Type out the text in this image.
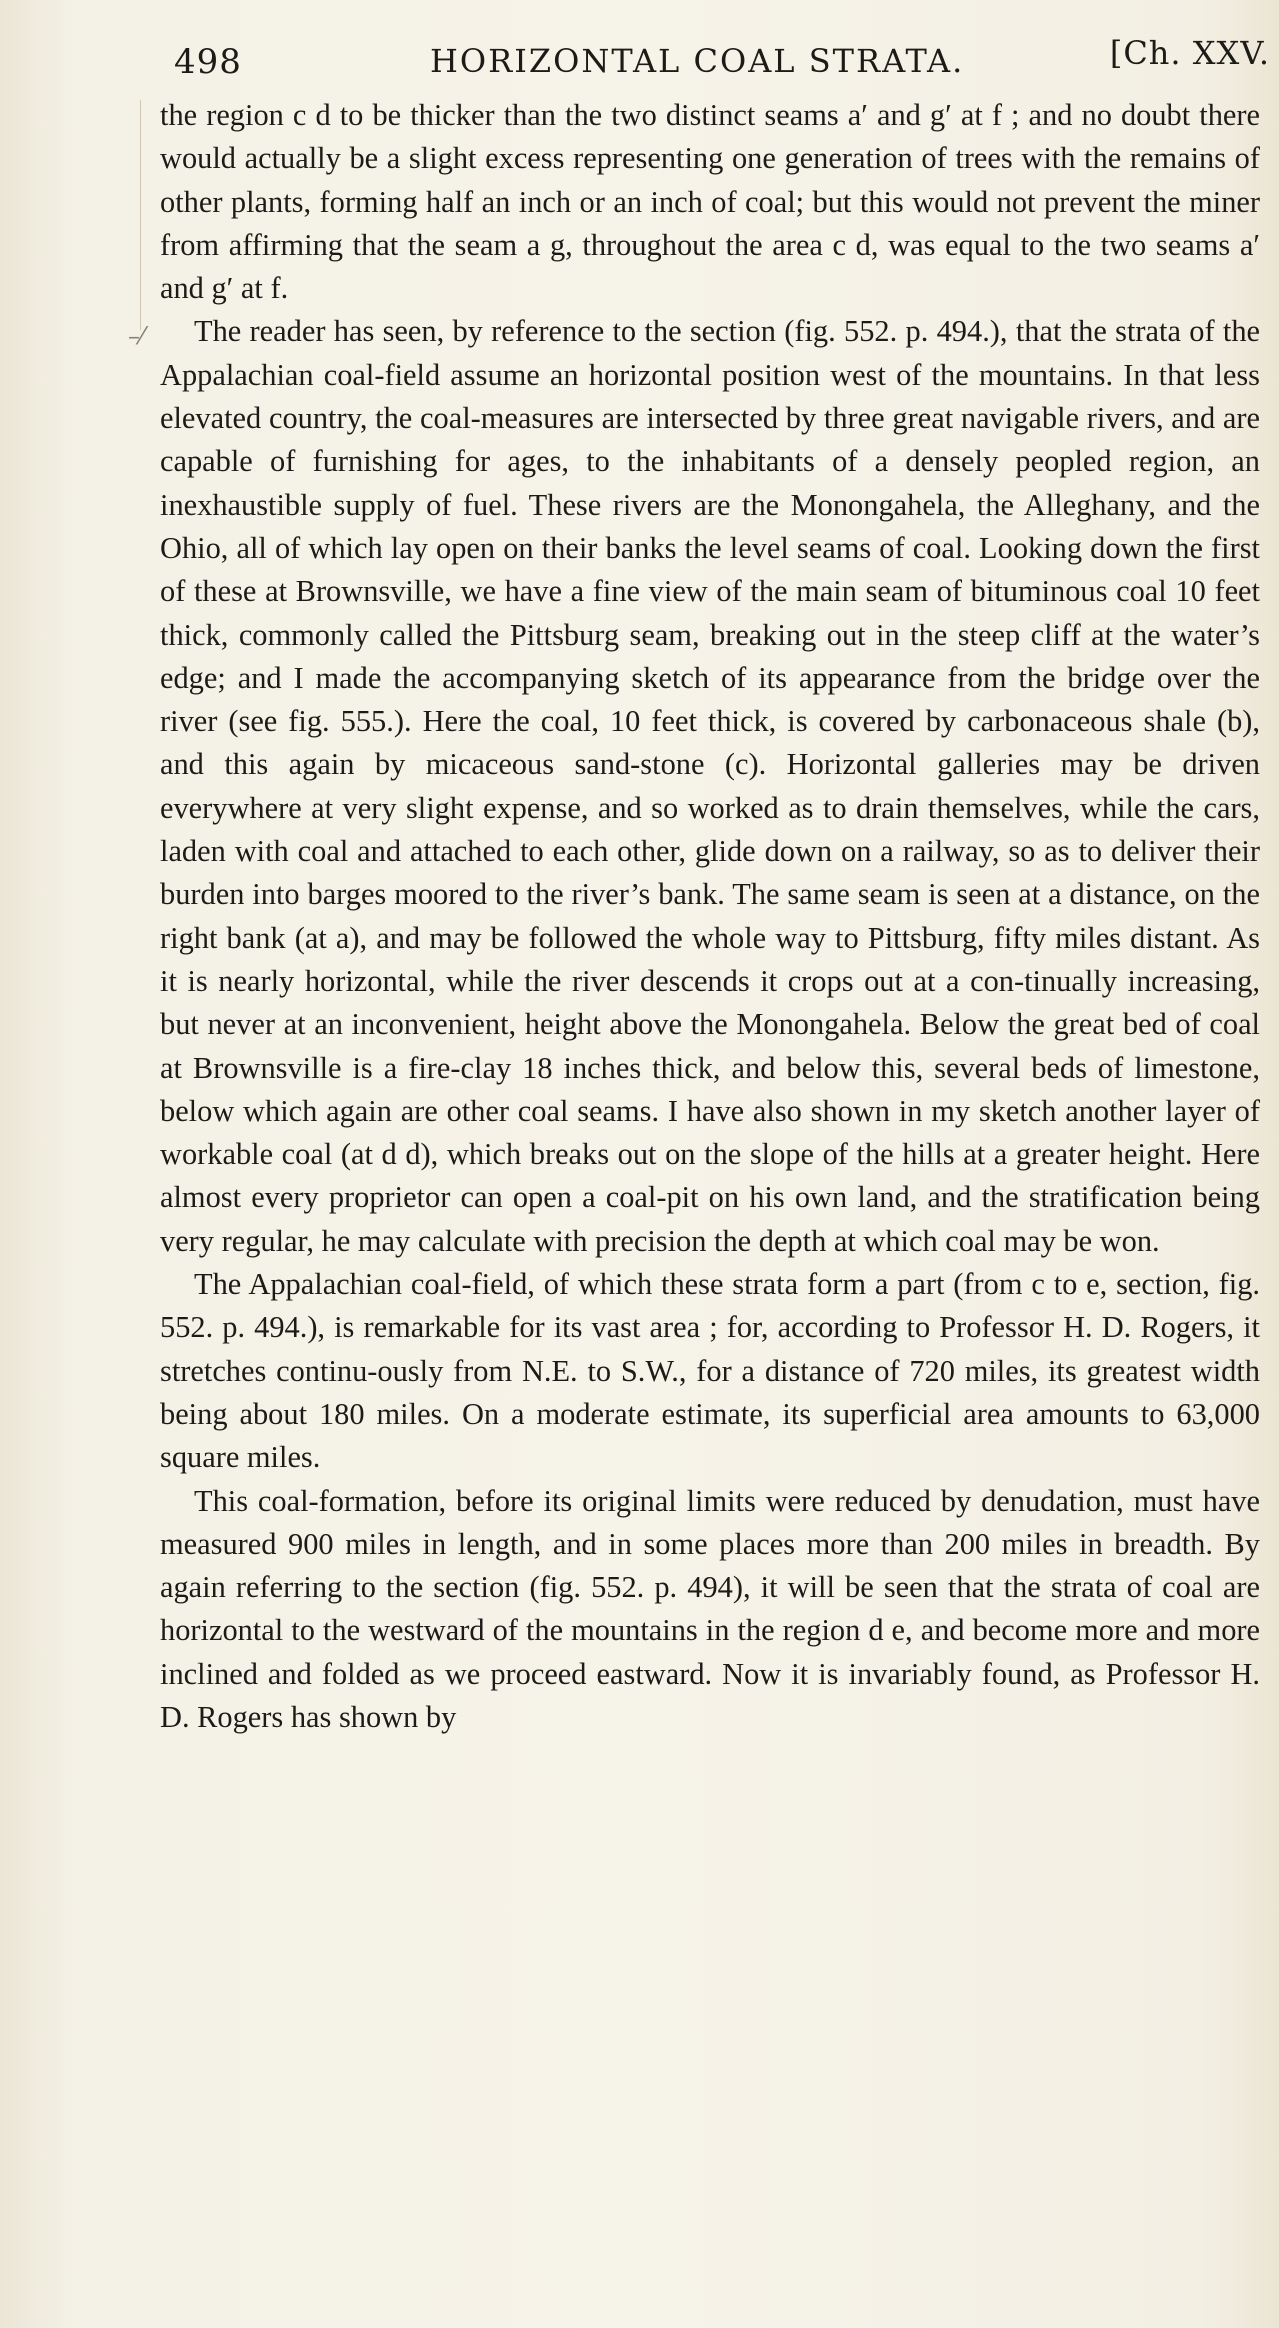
498	HORIZONTAL COAL STRATA.	[Ch. XXV.
–⁄

the region c d to be thicker than the two distinct seams a′ and g′ at f ; and no doubt there would actually be a slight excess representing one generation of trees with the remains of other plants, forming half an inch or an inch of coal; but this would not prevent the miner from affirming that the seam a g, throughout the area c d, was equal to the two seams a′ and g′ at f.

The reader has seen, by reference to the section (fig. 552. p. 494.), that the strata of the Appalachian coal-field assume an horizontal position west of the mountains. In that less elevated country, the coal-measures are intersected by three great navigable rivers, and are capable of furnishing for ages, to the inhabitants of a densely peopled region, an inexhaustible supply of fuel. These rivers are the Monongahela, the Alleghany, and the Ohio, all of which lay open on their banks the level seams of coal. Looking down the first of these at Brownsville, we have a fine view of the main seam of bituminous coal 10 feet thick, commonly called the Pittsburg seam, breaking out in the steep cliff at the water’s edge; and I made the accompanying sketch of its appearance from the bridge over the river (see fig. 555.). Here the coal, 10 feet thick, is covered by carbonaceous shale (b), and this again by micaceous sand-stone (c). Horizontal galleries may be driven everywhere at very slight expense, and so worked as to drain themselves, while the cars, laden with coal and attached to each other, glide down on a railway, so as to deliver their burden into barges moored to the river’s bank. The same seam is seen at a distance, on the right bank (at a), and may be followed the whole way to Pittsburg, fifty miles distant. As it is nearly horizontal, while the river descends it crops out at a con-tinually increasing, but never at an inconvenient, height above the Monongahela. Below the great bed of coal at Brownsville is a fire-clay 18 inches thick, and below this, several beds of limestone, below which again are other coal seams. I have also shown in my sketch another layer of workable coal (at d d), which breaks out on the slope of the hills at a greater height. Here almost every proprietor can open a coal-pit on his own land, and the stratification being very regular, he may calculate with precision the depth at which coal may be won.

The Appalachian coal-field, of which these strata form a part (from c to e, section, fig. 552. p. 494.), is remarkable for its vast area ; for, according to Professor H. D. Rogers, it stretches continu-ously from N.E. to S.W., for a distance of 720 miles, its greatest width being about 180 miles. On a moderate estimate, its superficial area amounts to 63,000 square miles.

This coal-formation, before its original limits were reduced by denudation, must have measured 900 miles in length, and in some places more than 200 miles in breadth. By again referring to the section (fig. 552. p. 494), it will be seen that the strata of coal are horizontal to the westward of the mountains in the region d e, and become more and more inclined and folded as we proceed eastward. Now it is invariably found, as Professor H. D. Rogers has shown by
